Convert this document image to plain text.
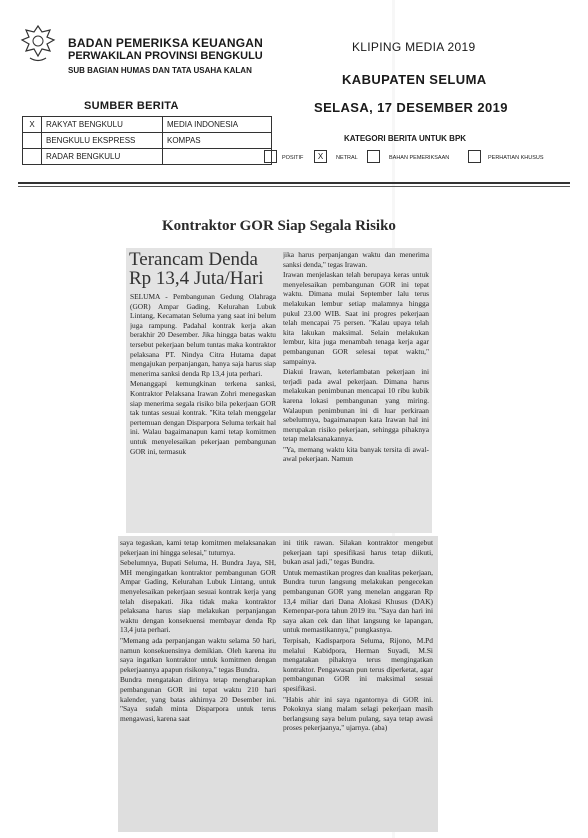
BADAN PEMERIKSA KEUANGAN
PERWAKILAN PROVINSI BENGKULU
SUB BAGIAN HUMAS DAN TATA USAHA KALAN
KLIPING MEDIA 2019
KABUPATEN SELUMA
SELASA, 17 DESEMBER 2019
SUMBER BERITA
X	RAKYAT BENGKULU	MEDIA INDONESIA
	BENGKULU EKSPRESS	KOMPAS
	RADAR BENGKULU	
KATEGORI BERITA UNTUK BPK
POSITIF	X	NETRAL	BAHAN PEMERIKSAAN	PERHATIAN KHUSUS
Kontraktor GOR Siap Segala Risiko
Terancam Denda
Rp 13,4 Juta/Hari

SELUMA - Pembangunan Gedung Olahraga (GOR) Ampar Gading, Kelurahan Lubuk Lintang, Kecamatan Seluma yang saat ini belum juga rampung. Padahal kontrak kerja akan berakhir 20 Desember. Jika hingga batas waktu tersebut pekerjaan belum tuntas maka kontraktor pelaksana PT. Nindya Citra Hutama dapat mengajukan perpanjangan, hanya saja harus siap menerima sanksi denda Rp 13,4 juta perhari.

Menanggapi kemungkinan terkena sanksi, Kontraktor Pelaksana Irawan Zohri menegaskan siap menerima segala risiko bila pekerjaan GOR tak tuntas sesuai kontrak. "Kita telah menggelar pertemuan dengan Disparpora Seluma terkait hal ini. Walau bagaimanapun kami tetap komitmen untuk menyelesaikan pekerjaan pembangunan GOR ini, termasuk

jika harus perpanjangan waktu dan menerima sanksi denda," tegas Irawan.

Irawan menjelaskan telah berupaya keras untuk menyelesaikan pembangunan GOR ini tepat waktu. Dimana mulai September lalu terus melakukan lembur setiap malamnya hingga pukul 23.00 WIB. Saat ini progres pekerjaan telah mencapai 75 persen. "Kalau upaya telah kita lakukan maksimal. Selain melakukan lembur, kita juga menambah tenaga kerja agar pembangunan GOR selesai tepat waktu," sampainya.

Diakui Irawan, keterlambatan pekerjaan ini terjadi pada awal pekerjaan. Dimana harus melakukan penimbunan mencapai 10 ribu kubik karena lokasi pembangunan yang miring. Walaupun penimbunan ini di luar perkiraan sebelumnya, bagaimanapun kata Irawan hal ini merupakan risiko pekerjaan, sehingga pihaknya tetap melaksanakannya.

"Ya, memang waktu kita banyak tersita di awal-awal pekerjaan. Namun

saya tegaskan, kami tetap komitmen melaksanakan pekerjaan ini hingga selesai," tuturnya.

Sebelumnya, Bupati Seluma, H. Bundra Jaya, SH, MH mengingatkan kontraktor pembangunan GOR Ampar Gading, Kelurahan Lubuk Lintang, untuk menyelesaikan pekerjaan sesuai kontrak kerja yang telah disepakati. Jika tidak maka kontraktor pelaksana harus siap melakukan perpanjangan waktu dengan konsekuensi membayar denda Rp 13,4 juta perhari.

"Memang ada perpanjangan waktu selama 50 hari, namun konsekuensinya demikian. Oleh karena itu saya ingatkan kontraktor untuk komitmen dengan pekerjaannya apapun risikonya," tegas Bundra.

Bundra mengatakan dirinya tetap mengharapkan pembangunan GOR ini tepat waktu 210 hari kalender, yang batas akhirnya 20 Desember ini. "Saya sudah minta Disparpora untuk terus mengawasi, karena saat

ini titik rawan. Silakan kontraktor mengebut pekerjaan tapi spesifikasi harus tetap diikuti, bukan asal jadi," tegas Bundra.

Untuk memastikan progres dan kualitas pekerjaan, Bundra turun langsung melakukan pengecekan pembangunan GOR yang menelan anggaran Rp 13,4 miliar dari Dana Alokasi Khusus (DAK) Kemenpar-pora tahun 2019 itu. "Saya dan hari ini saya akan cek dan lihat langsung ke lapangan, untuk memastikannya," pungkasnya.

Terpisah, Kadisparpora Seluma, Rijono, M.Pd melalui Kabidpora, Herman Suyadi, M.Si mengatakan pihaknya terus mengingatkan kontraktor. Pengawasan pun terus diperketat, agar pembangunan GOR ini maksimal sesuai spesifikasi.

"Habis ahir ini saya ngantornya di GOR ini. Pokoknya siang malam selagi pekerjaan masih berlangsung saya belum pulang, saya tetap awasi proses pekerjaanya," ujarnya. (aba)
